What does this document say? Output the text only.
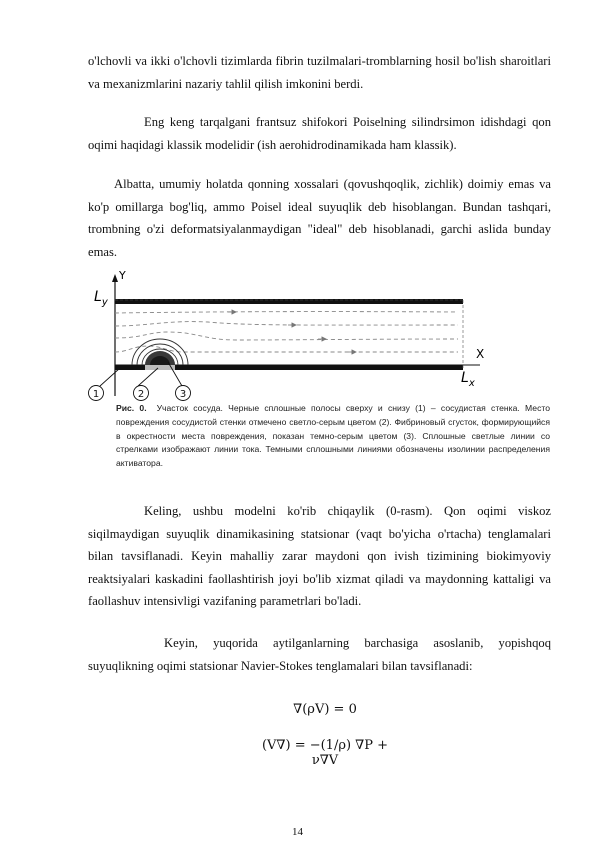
o'lchovli va ikki o'lchovli tizimlarda fibrin tuzilmalari-tromblarning hosil bo'lish sharoitlari va mexanizmlarini nazariy tahlil qilish imkonini berdi.

Eng keng tarqalgani frantsuz shifokori Poiselning silindrsimon idishdagi qon oqimi haqidagi klassik modelidir (ish aerohidrodinamikada ham klassik).

Albatta, umumiy holatda qonning xossalari (qovushqoqlik, zichlik) doimiy emas va ko'p omillarga bog'liq, ammo Poisel ideal suyuqlik deb hisoblangan. Bundan tashqari, trombning o'zi deformatsiyalanmaydigan "ideal" deb hisoblanadi, garchi aslida bunday emas.

$L_y$
Y
X
$L_x$
1	2	3
Рис. 0. Участок сосуда. Черные сплошные полосы сверху и снизу (1) – сосудистая стенка. Место повреждения сосудистой стенки отмечено светло-серым цветом (2). Фибриновый сгусток, формирующийся в окрестности места повреждения, показан темно-серым цветом (3). Сплошные светлые линии со стрелками изображают линии тока. Темными сплошными линиями обозначены изолинии распределения активатора.

Keling, ushbu modelni ko'rib chiqaylik (0-rasm). Qon oqimi viskoz siqilmaydigan suyuqlik dinamikasining statsionar (vaqt bo'yicha o'rtacha) tenglamalari bilan tavsiflanadi. Keyin mahalliy zarar maydoni qon ivish tizimining biokimyoviy reaktsiyalari kaskadini faollashtirish joyi bo'lib xizmat qiladi va maydonning kattaligi va faollashuv intensivligi vazifaning parametrlari bo'ladi.

Keyin, yuqorida aytilganlarning barchasiga asoslanib, yopishqoq suyuqlikning oqimi statsionar Navier-Stokes tenglamalari bilan tavsiflanadi:

∇(ρV) = 0
(V∇) = −(1/ρ) ∇P + ν∇V
14
